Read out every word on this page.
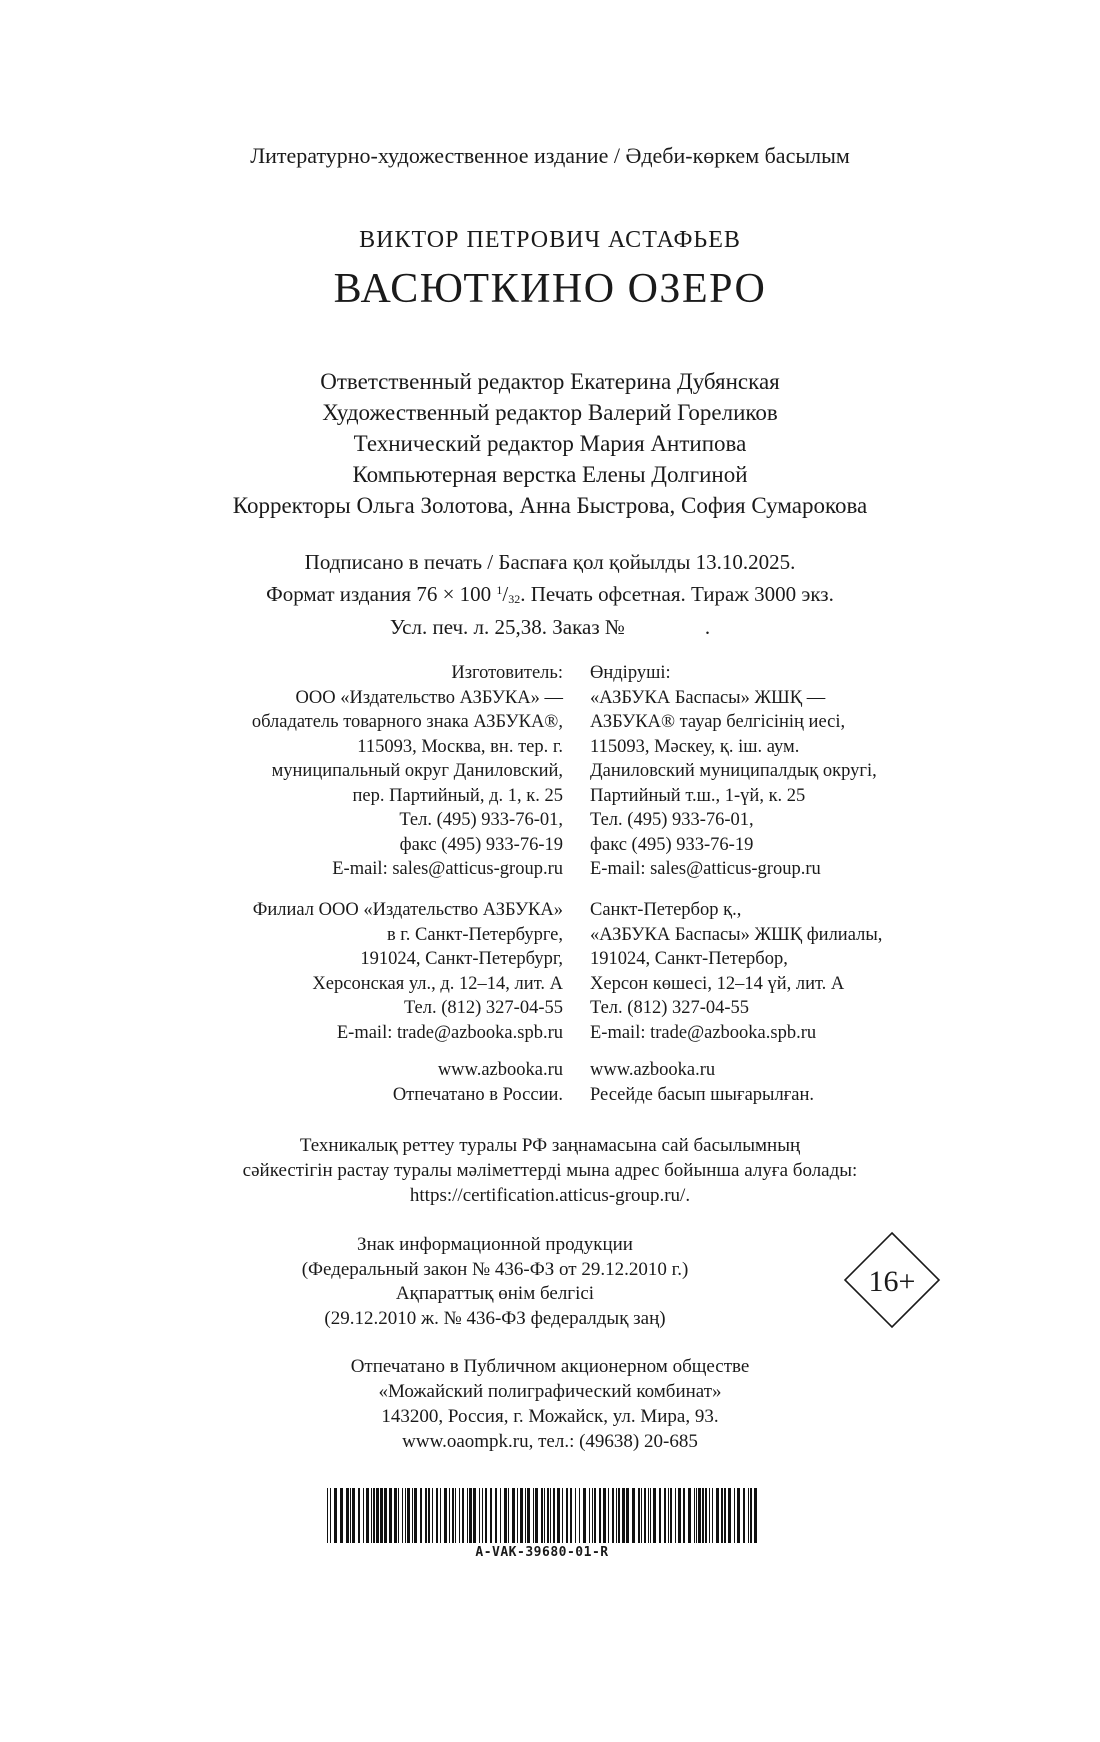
Литературно-художественное издание / Әдеби-көркем басылым
ВИКТОР ПЕТРОВИЧ АСТАФЬЕВ
ВАСЮТКИНО ОЗЕРО
Ответственный редактор Екатерина Дубянская
Художественный редактор Валерий Гореликов
Технический редактор Мария Антипова
Компьютерная верстка Елены Долгиной
Корректоры Ольга Золотова, Анна Быстрова, София Сумарокова
Подписано в печать / Баспаға қол қойылды 13.10.2025.
Формат издания 76 × 100 $^1/_{32}$. Печать офсетная. Тираж 3000 экз.
Усл. печ. л. 25,38. Заказ №	.
Изготовитель:
ООО «Издательство АЗБУКА» —
обладатель товарного знака АЗБУКА®,
115093, Москва, вн. тер. г.
муниципальный округ Даниловский,
пер. Партийный, д. 1, к. 25
Тел. (495) 933-76-01,
факс (495) 933-76-19
E-mail: sales@atticus-group.ru
Өндіруші:
«АЗБУКА Баспасы» ЖШҚ —
АЗБУКА® тауар белгісінің иесі,
115093, Мәскеу, қ. іш. аум.
Даниловский муниципалдық округі,
Партийный т.ш., 1-үй, к. 25
Тел. (495) 933-76-01,
факс (495) 933-76-19
E-mail: sales@atticus-group.ru
Филиал ООО «Издательство АЗБУКА»
в г. Санкт-Петербурге,
191024, Санкт-Петербург,
Херсонская ул., д. 12–14, лит. А
Тел. (812) 327-04-55
E-mail: trade@azbooka.spb.ru
Санкт-Петербор қ.,
«АЗБУКА Баспасы» ЖШҚ филиалы,
191024, Санкт-Петербор,
Херсон көшесі, 12–14 үй, лит. А
Тел. (812) 327-04-55
E-mail: trade@azbooka.spb.ru
www.azbooka.ru
Отпечатано в России.
www.azbooka.ru
Ресейде басып шығарылған.
Техникалық реттеу туралы РФ заңнамасына сай басылымның
сәйкестігін растау туралы мәліметтерді мына адрес бойынша алуға болады:
https://certification.atticus-group.ru/.
Знак информационной продукции
(Федеральный закон № 436-ФЗ от 29.12.2010 г.)
Ақпараттық өнім белгісі
(29.12.2010 ж. № 436-ФЗ федералдық заң)
16+
Отпечатано в Публичном акционерном обществе
«Можайский полиграфический комбинат»
143200, Россия, г. Можайск, ул. Мира, 93.
www.oaompk.ru, тел.: (49638) 20-685
A-VAK-39680-01-R
